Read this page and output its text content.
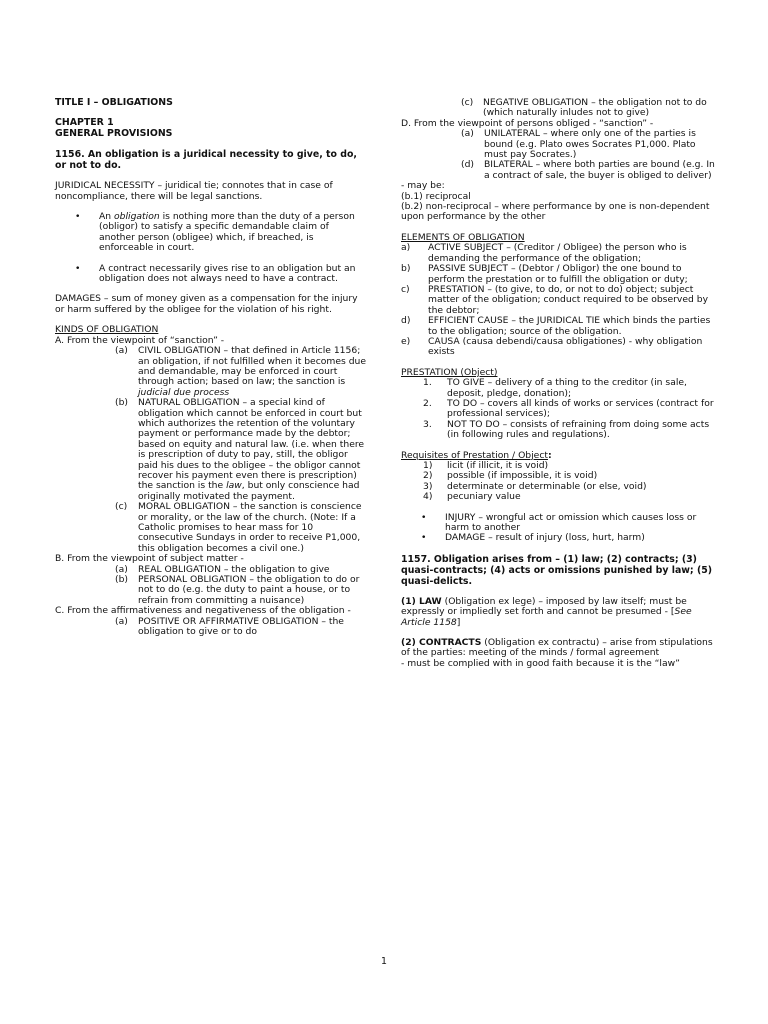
TITLE I – OBLIGATIONS

CHAPTER 1

GENERAL PROVISIONS

1156. An obligation is a juridical necessity to give, to do, or not to do.

JURIDICAL NECESSITY – juridical tie; connotes that in case of noncompliance, there will be legal sanctions.

• An obligation is nothing more than the duty of a person (obligor) to satisfy a specific demandable claim of another person (obligee) which, if breached, is enforceable in court.
• A contract necessarily gives rise to an obligation but an obligation does not always need to have a contract.

DAMAGES – sum of money given as a compensation for the injury or harm suffered by the obligee for the violation of his right.

KINDS OF OBLIGATION

A. From the viewpoint of “sanction” -

(a) CIVIL OBLIGATION – that defined in Article 1156; an obligation, if not fulfilled when it becomes due and demandable, may be enforced in court through action; based on law; the sanction is judicial due process
(b) NATURAL OBLIGATION – a special kind of obligation which cannot be enforced in court but which authorizes the retention of the voluntary payment or performance made by the debtor; based on equity and natural law. (i.e. when there is prescription of duty to pay, still, the obligor paid his dues to the obligee – the obligor cannot recover his payment even there is prescription) the sanction is the law, but only conscience had originally motivated the payment.
(c) MORAL OBLIGATION – the sanction is conscience or morality, or the law of the church. (Note: If a Catholic promises to hear mass for 10 consecutive Sundays in order to receive P1,000, this obligation becomes a civil one.)

B. From the viewpoint of subject matter -

(a) REAL OBLIGATION – the obligation to give
(b) PERSONAL OBLIGATION – the obligation to do or not to do (e.g. the duty to paint a house, or to refrain from committing a nuisance)

C. From the affirmativeness and negativeness of the obligation -

(a) POSITIVE OR AFFIRMATIVE OBLIGATION – the obligation to give or to do
(c) NEGATIVE OBLIGATION – the obligation not to do (which naturally inludes not to give)

D. From the viewpoint of persons obliged - “sanction” -

(a) UNILATERAL – where only one of the parties is bound (e.g. Plato owes Socrates P1,000. Plato must pay Socrates.)
(d) BILATERAL – where both parties are bound (e.g. In a contract of sale, the buyer is obliged to deliver)

- may be:

(b.1) reciprocal

(b.2) non-reciprocal – where performance by one is non-dependent upon performance by the other

ELEMENTS OF OBLIGATION

a) ACTIVE SUBJECT – (Creditor / Obligee) the person who is demanding the performance of the obligation;
b) PASSIVE SUBJECT – (Debtor / Obligor) the one bound to perform the prestation or to fulfill the obligation or duty;
c) PRESTATION – (to give, to do, or not to do) object; subject matter of the obligation; conduct required to be observed by the debtor;
d) EFFICIENT CAUSE – the JURIDICAL TIE which binds the parties to the obligation; source of the obligation.
e) CAUSA (causa debendi/causa obligationes) - why obligation exists

PRESTATION (Object)

1. TO GIVE – delivery of a thing to the creditor (in sale, deposit, pledge, donation);
2. TO DO – covers all kinds of works or services (contract for professional services);
3. NOT TO DO – consists of refraining from doing some acts (in following rules and regulations).

Requisites of Prestation / Object:

1) licit (if illicit, it is void)
2) possible (if impossible, it is void)
3) determinate or determinable (or else, void)
4) pecuniary value
• INJURY – wrongful act or omission which causes loss or harm to another
• DAMAGE – result of injury (loss, hurt, harm)

1157. Obligation arises from – (1) law; (2) contracts; (3) quasi-contracts; (4) acts or omissions punished by law; (5) quasi-delicts.

(1) LAW (Obligation ex lege) – imposed by law itself; must be expressly or impliedly set forth and cannot be presumed - [See Article 1158]

(2) CONTRACTS (Obligation ex contractu) – arise from stipulations of the parties: meeting of the minds / formal agreement

- must be complied with in good faith because it is the “law”

1
